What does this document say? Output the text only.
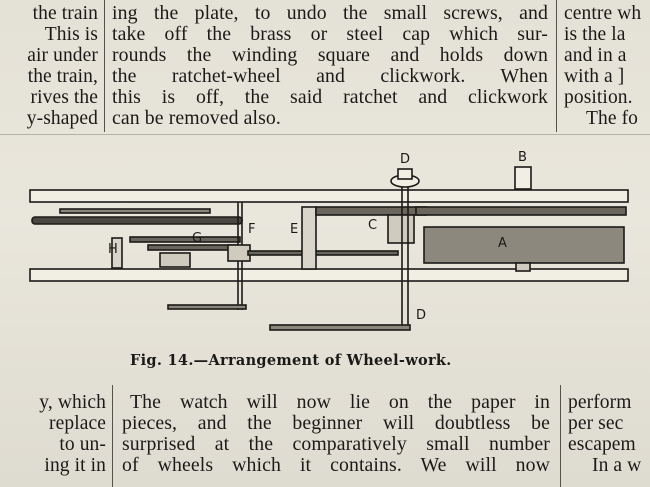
the train
This is
air under
the train,
rives the
y-shaped
ing the plate, to undo the small screws, and
take off the brass or steel cap which sur-
rounds the winding square and holds down
the ratchet-wheel and clickwork. When
this is off, the said ratchet and clickwork
can be removed also.
centre wh
is the la
and in a
with a ]
position.
The fo
A
B
C
D
D
E
F
G
H
Fig. 14.—Arrangement of Wheel-work.
y, which
replace
to un-
ing it in
The watch will now lie on the paper in
pieces, and the beginner will doubtless be
surprised at the comparatively small number
of wheels which it contains. We will now
perform
per sec
escapem
In a w
